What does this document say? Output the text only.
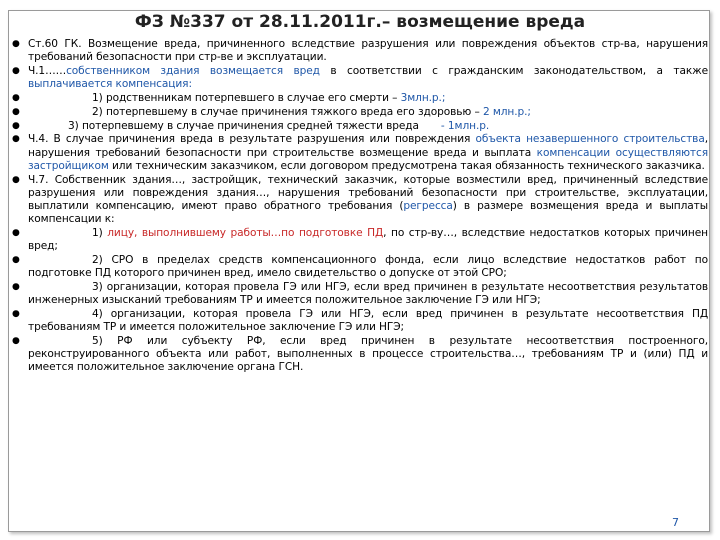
ФЗ №337 от 28.11.2011г.– возмещение вреда
● Ст.60 ГК. Возмещение вреда, причиненного вследствие разрушения или повреждения объектов стр-ва, нарушения требований безопасности при стр-ве и эксплуатации.
● Ч.1……собственником здания возмещается вред в соответствии с гражданским законодательством, а также выплачивается компенсация:
●	1) родственникам потерпевшего в случае его смерти – 3млн.р.;
●	2) потерпевшему в случае причинения тяжкого вреда его здоровью – 2 млн.р.;
●	3) потерпевшему в случае причинения средней тяжести вреда - 1млн.р.
● Ч.4. В случае причинения вреда в результате разрушения или повреждения объекта незавершенного строительства, нарушения требований безопасности при строительстве возмещение вреда и выплата компенсации осуществляются застройщиком или техническим заказчиком, если договором предусмотрена такая обязанность технического заказчика.
● Ч.7. Собственник здания…, застройщик, технический заказчик, которые возместили вред, причиненный вследствие разрушения или повреждения здания…, нарушения требований безопасности при строительстве, эксплуатации, выплатили компенсацию, имеют право обратного требования (регресса) в размере возмещения вреда и выплаты компенсации к:
●	1) лицу, выполнившему работы…по подготовке ПД, по стр-ву…, вследствие недостатков которых причинен вред;
●	2) СРО в пределах средств компенсационного фонда, если лицо вследствие недостатков работ по подготовке ПД которого причинен вред, имело свидетельство о допуске от этой СРО;
●	3) организации, которая провела ГЭ или НГЭ, если вред причинен в результате несоответствия результатов инженерных изысканий требованиям ТР и имеется положительное заключение ГЭ или НГЭ;
●	4) организации, которая провела ГЭ или НГЭ, если вред причинен в результате несоответствия ПД требованиям ТР и имеется положительное заключение ГЭ или НГЭ;
●	5) РФ или субъекту РФ, если вред причинен в результате несоответствия построенного, реконструированного объекта или работ, выполненных в процессе строительства…, требованиям ТР и (или) ПД и имеется положительное заключение органа ГСН.
7
